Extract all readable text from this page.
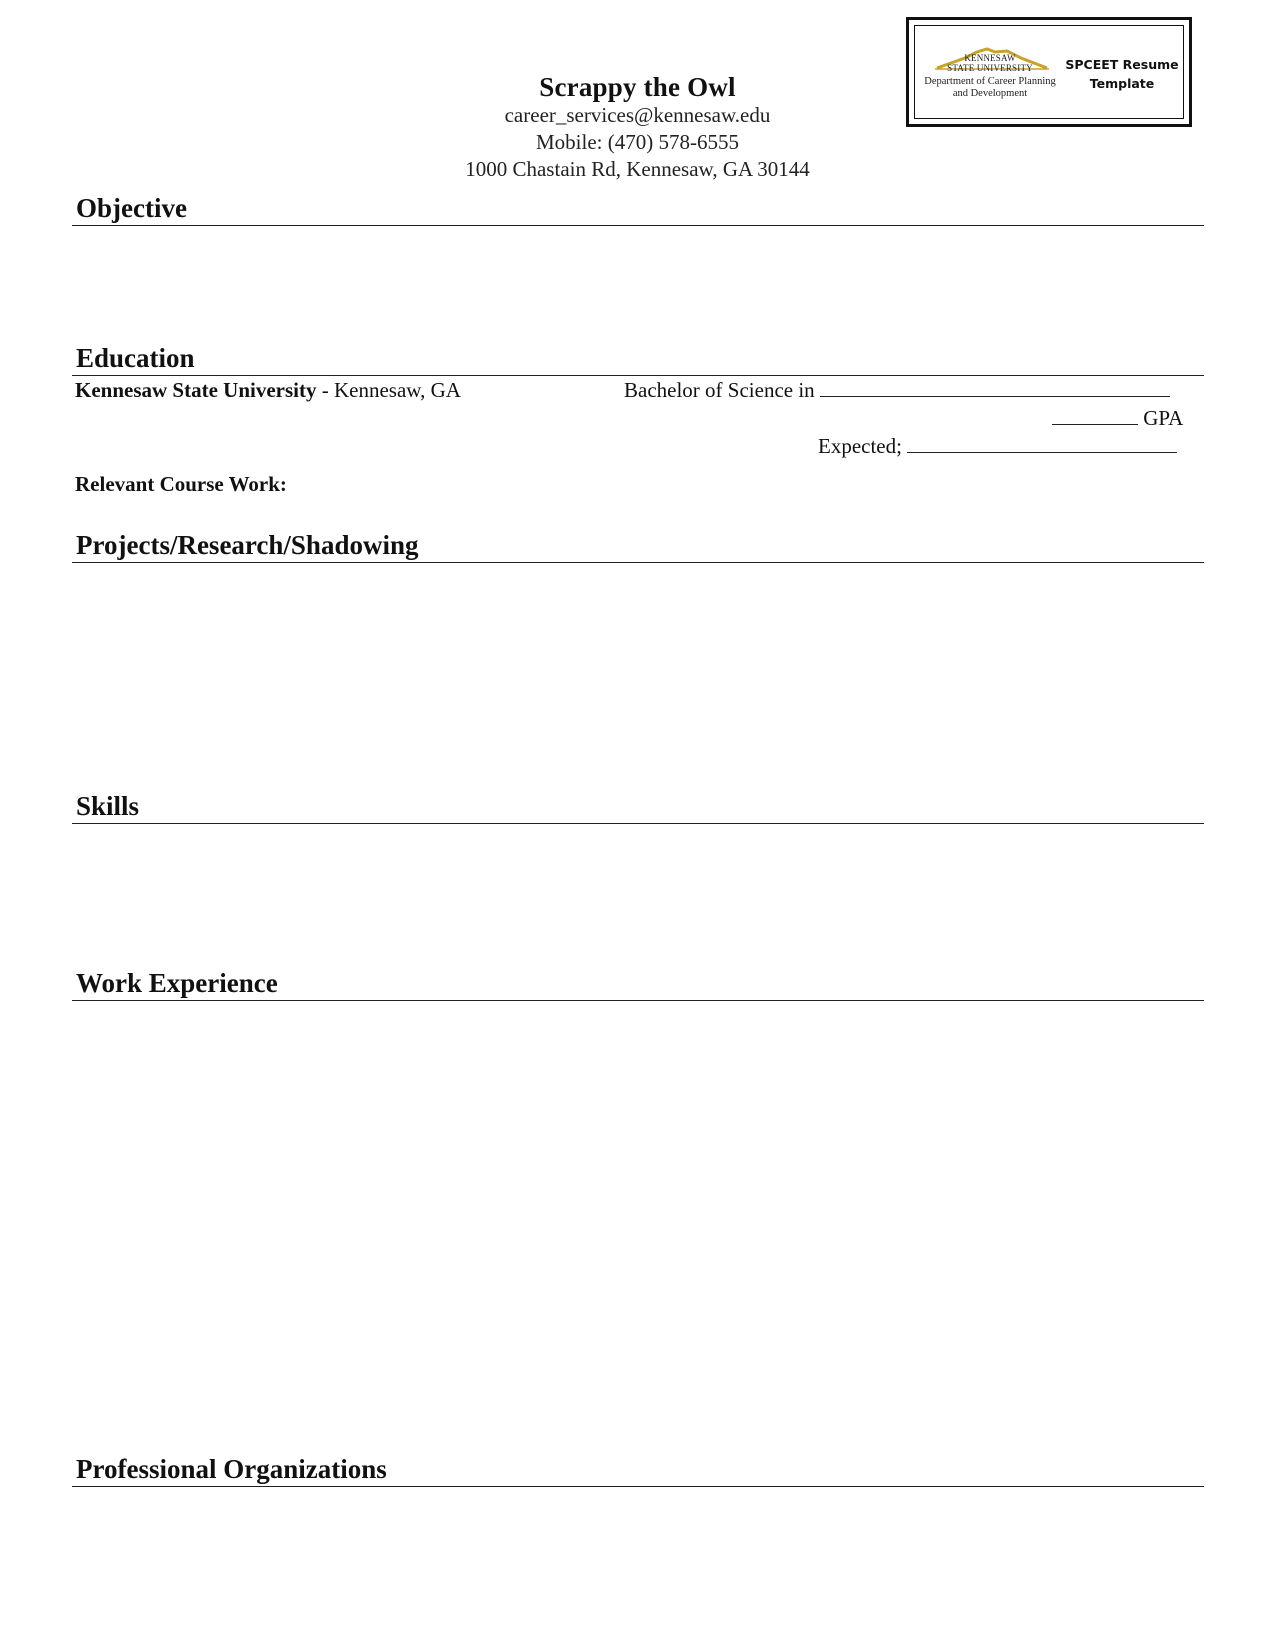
Scrappy the Owl
career_services@kennesaw.edu
Mobile: (470) 578-6555
1000 Chastain Rd, Kennesaw, GA 30144
KENNESAW
STATE UNIVERSITY
Department of Career Planning
and Development
SPCEET Resume
Template
Objective
Education
Kennesaw State University - Kennesaw, GA	Bachelor of Science in
GPA
Expected;
Relevant Course Work:
Projects/Research/Shadowing
Skills
Work Experience
Professional Organizations
